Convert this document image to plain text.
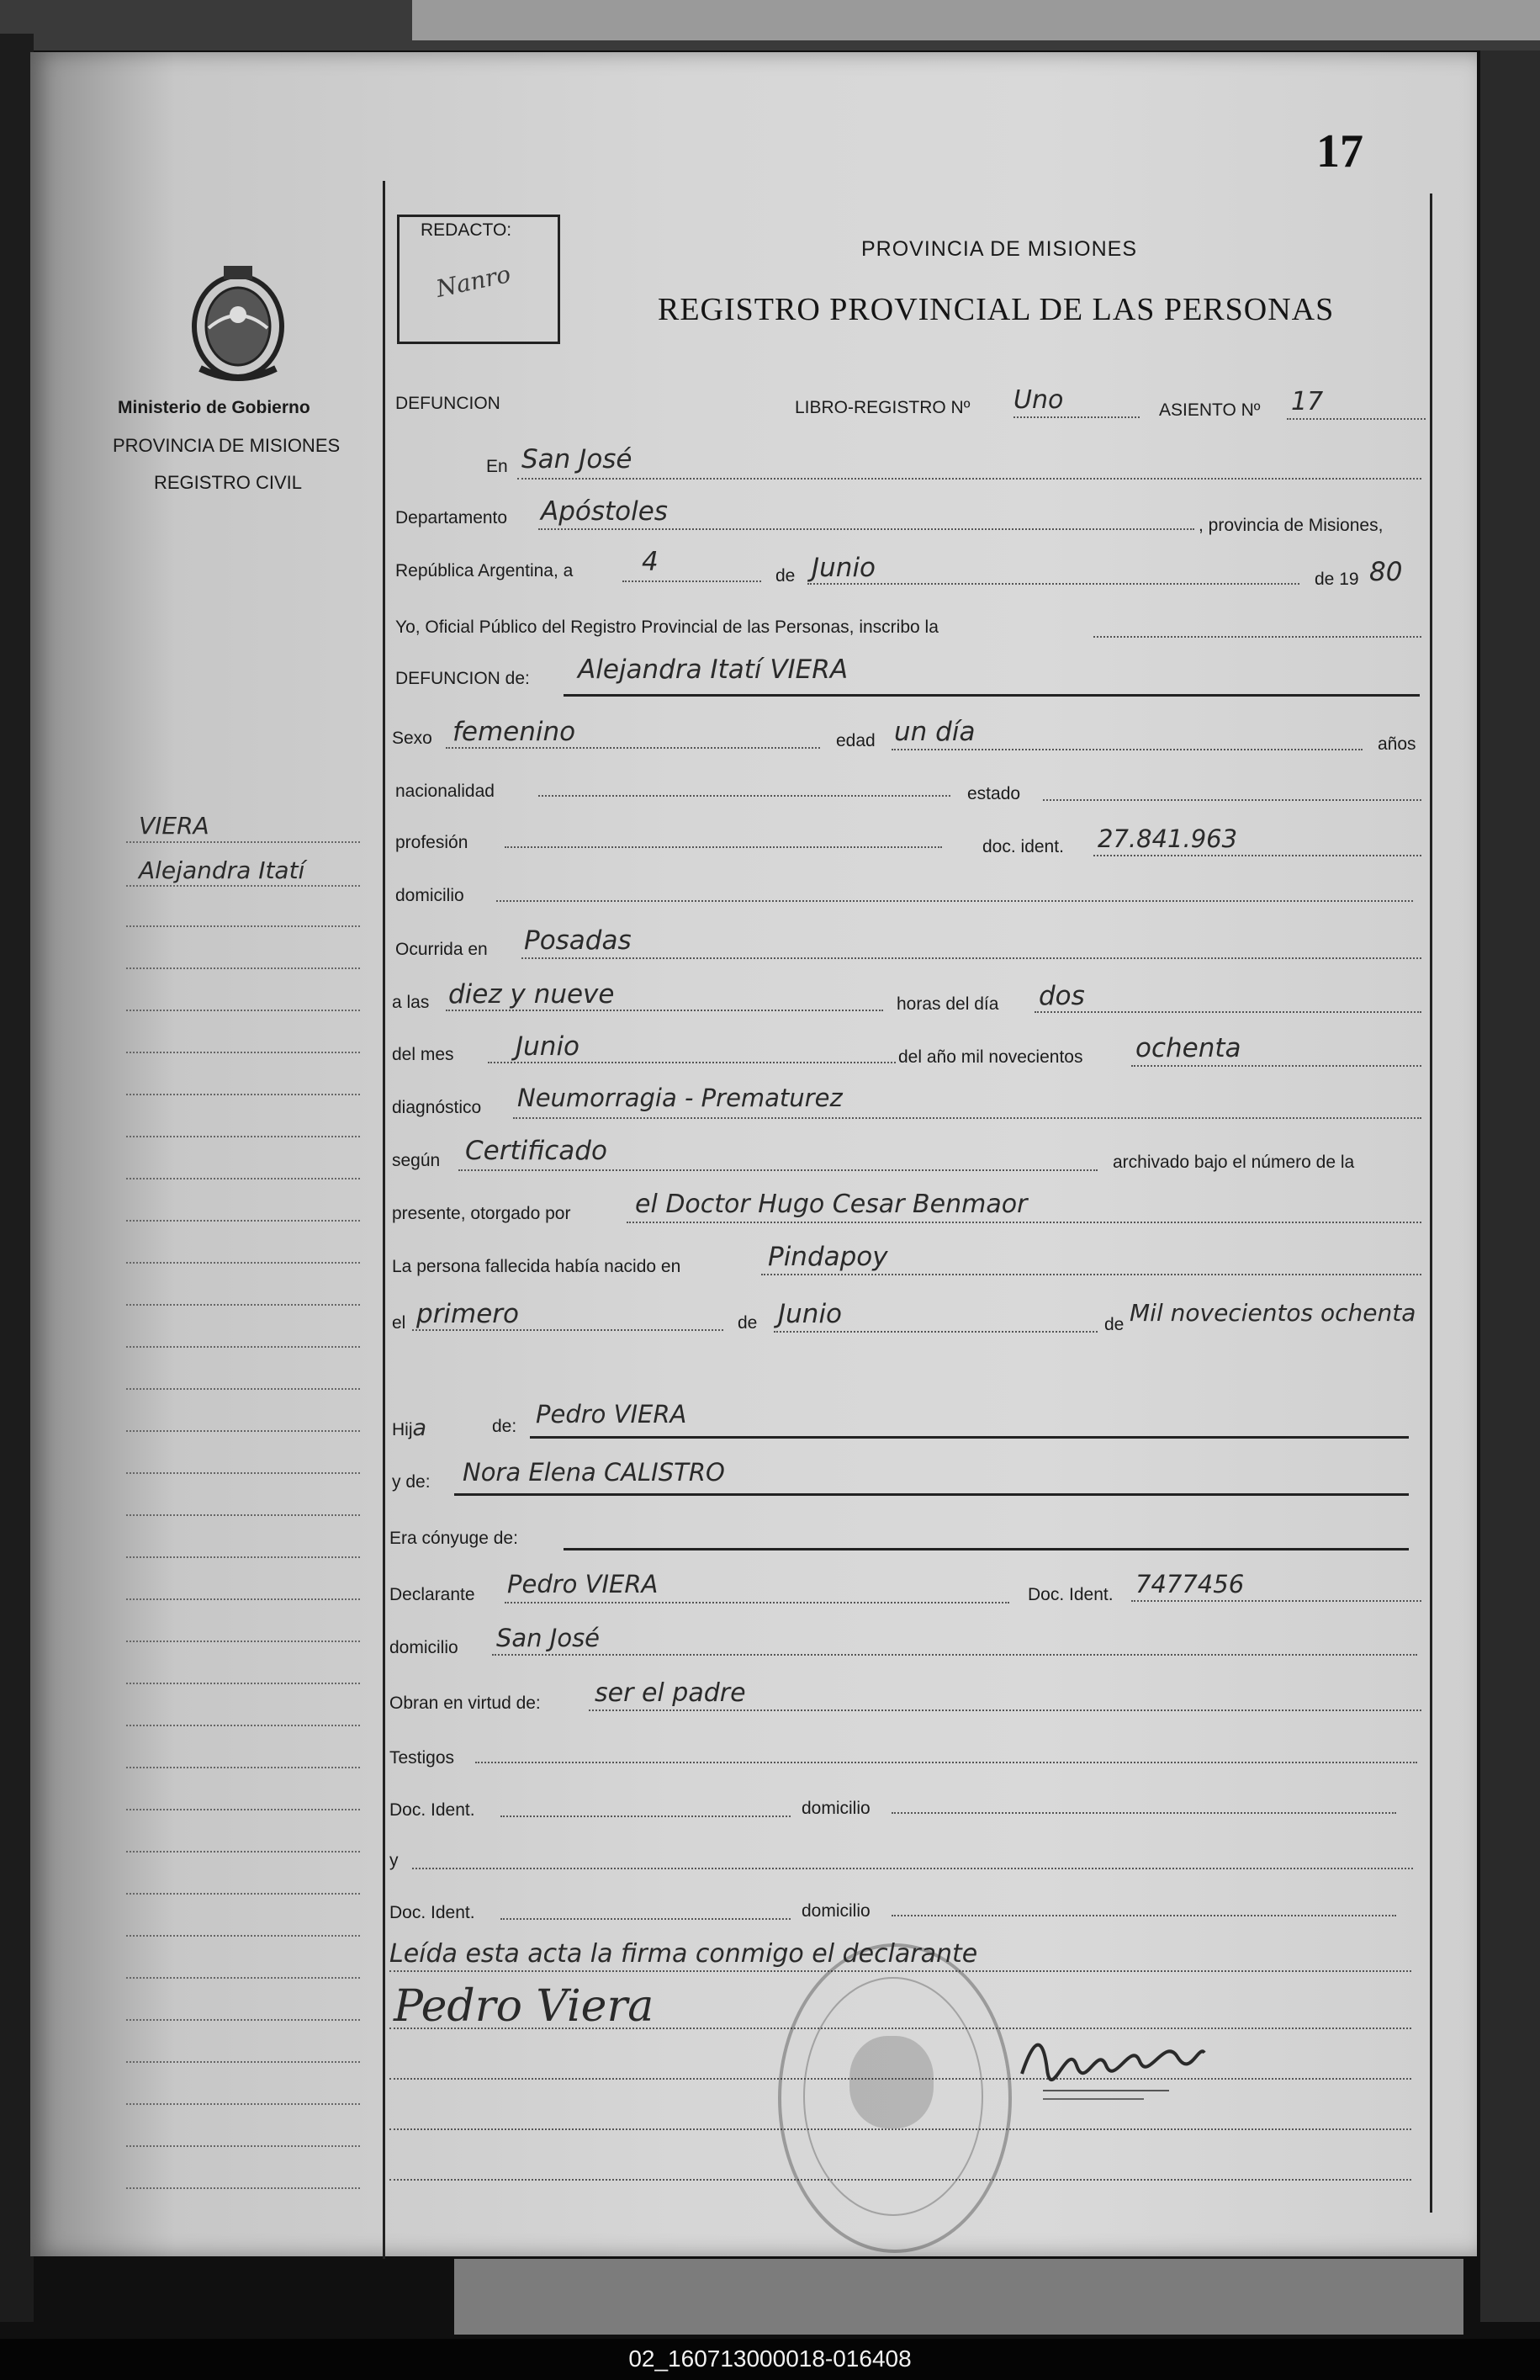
17
REDACTO:
Nanro
PROVINCIA DE MISIONES
REGISTRO PROVINCIAL DE LAS PERSONAS
Ministerio de Gobierno
PROVINCIA DE MISIONES
REGISTRO CIVIL
VIERA
Alejandra Itatí
DEFUNCION	LIBRO-REGISTRO Nº Uno	ASIENTO Nº 17
En San José
Departamento Apóstoles	, provincia de Misiones,
República Argentina, a	4	de Junio	de 19 80
Yo, Oficial Público del Registro Provincial de las Personas, inscribo la
DEFUNCION de: Alejandra Itatí VIERA
Sexo femenino	edad un día	años
nacionalidad	estado
profesión	doc. ident. 27.841.963
domicilio
Ocurrida en Posadas
a las diez y nueve	horas del día dos
del mes Junio	del año mil novecientos ochenta
diagnóstico Neumorragia - Prematurez
según Certificado	archivado bajo el número de la
presente, otorgado por	el Doctor Hugo Cesar Benmaor
La persona fallecida había nacido en	Pindapoy
el primero	de Junio	de Mil novecientos ochenta
Hija	de: Pedro VIERA
y de: Nora Elena CALISTRO
Era cónyuge de:
Declarante Pedro VIERA	Doc. Ident. 7477456
domicilio San José
Obran en virtud de: ser el padre
Testigos
Doc. Ident.	domicilio
y
Doc. Ident.	domicilio
Leída esta acta la firma conmigo el declarante
Pedro Viera
02_160713000018-016408
